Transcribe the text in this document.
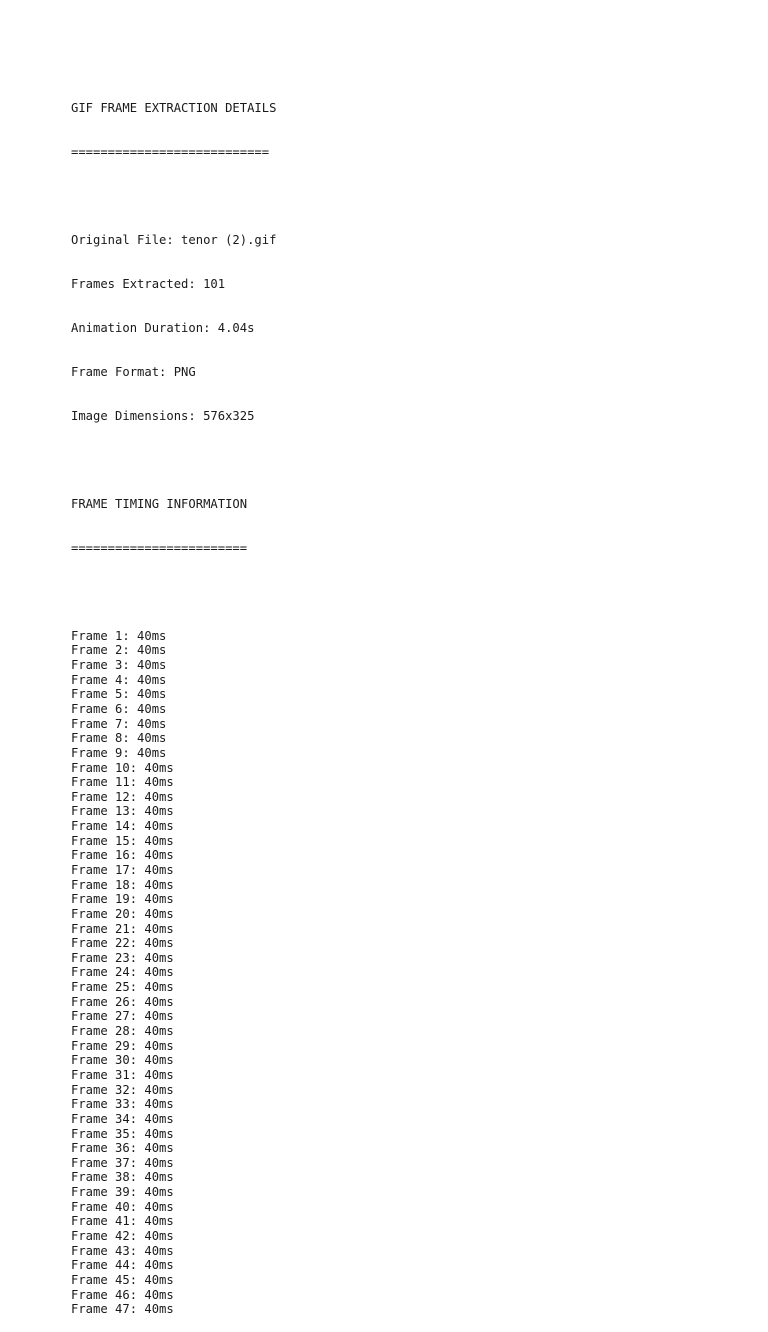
GIF FRAME EXTRACTION DETAILS

===========================

Original File: tenor (2).gif

Frames Extracted: 101

Animation Duration: 4.04s

Frame Format: PNG

Image Dimensions: 576x325

FRAME TIMING INFORMATION

========================

Frame 1: 40ms
Frame 2: 40ms
Frame 3: 40ms
Frame 4: 40ms
Frame 5: 40ms
Frame 6: 40ms
Frame 7: 40ms
Frame 8: 40ms
Frame 9: 40ms
Frame 10: 40ms
Frame 11: 40ms
Frame 12: 40ms
Frame 13: 40ms
Frame 14: 40ms
Frame 15: 40ms
Frame 16: 40ms
Frame 17: 40ms
Frame 18: 40ms
Frame 19: 40ms
Frame 20: 40ms
Frame 21: 40ms
Frame 22: 40ms
Frame 23: 40ms
Frame 24: 40ms
Frame 25: 40ms
Frame 26: 40ms
Frame 27: 40ms
Frame 28: 40ms
Frame 29: 40ms
Frame 30: 40ms
Frame 31: 40ms
Frame 32: 40ms
Frame 33: 40ms
Frame 34: 40ms
Frame 35: 40ms
Frame 36: 40ms
Frame 37: 40ms
Frame 38: 40ms
Frame 39: 40ms
Frame 40: 40ms
Frame 41: 40ms
Frame 42: 40ms
Frame 43: 40ms
Frame 44: 40ms
Frame 45: 40ms
Frame 46: 40ms
Frame 47: 40ms
